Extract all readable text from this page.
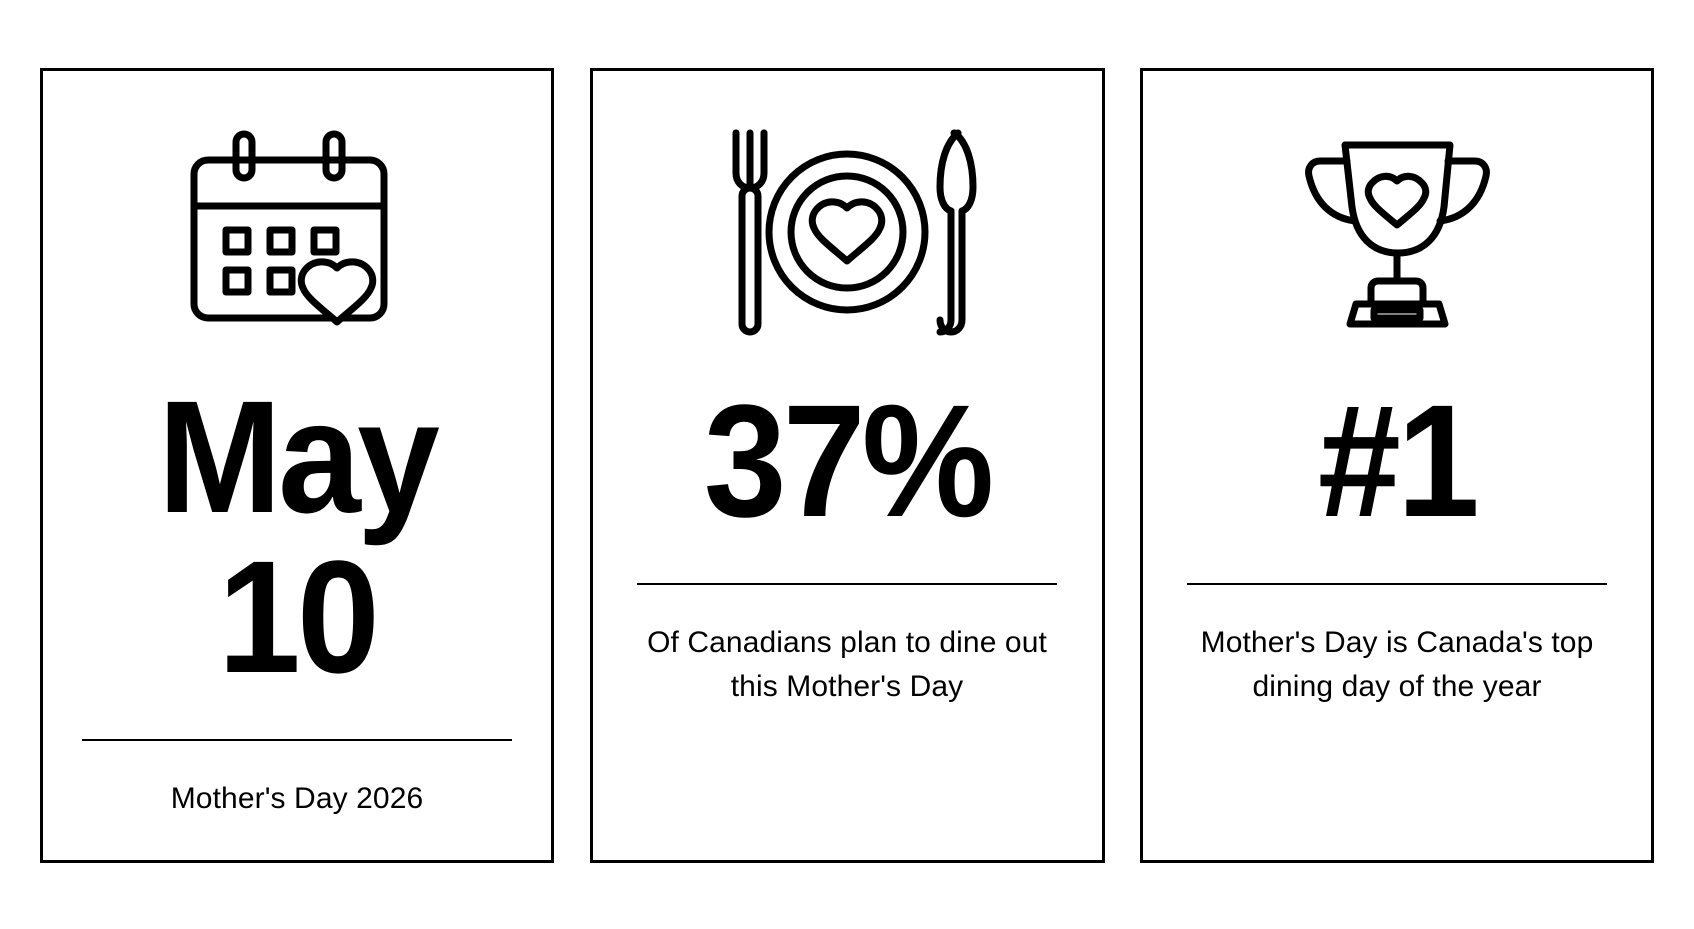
May 10
Mother's Day 2026
37%
Of Canadians plan to dine out this Mother's Day
#1
Mother's Day is Canada's top dining day of the year
